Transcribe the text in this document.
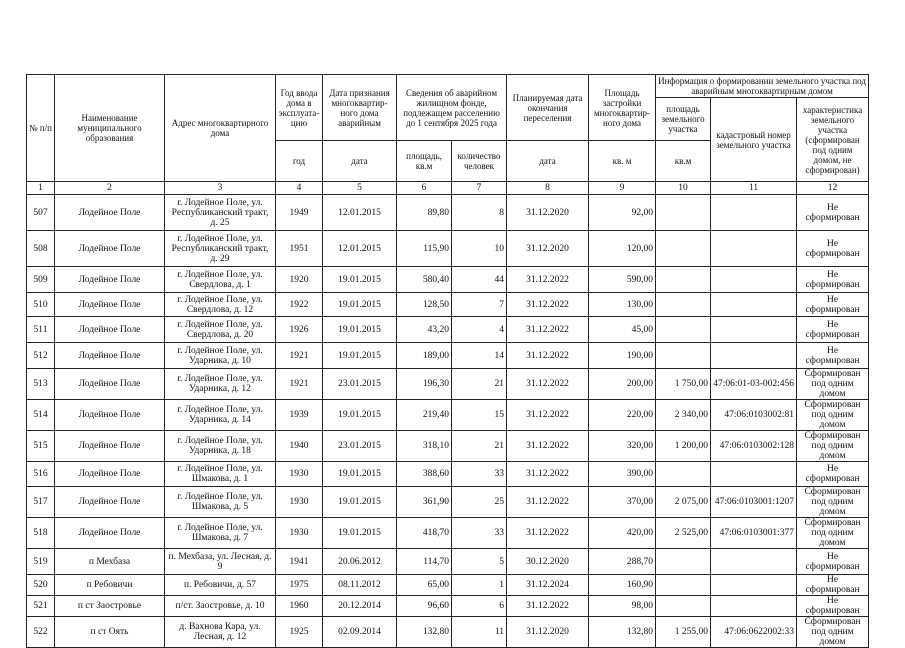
№ п/п	Наименование муниципального образования	Адрес многоквартирного дома	Год ввода дома в эксплуата- цию	Дата признания многоквартир- ного дома аварийным	Сведения об аварийном жилищном фонде, подлежащем расселению до 1 сентября 2025 года		Планируемая дата окончания переселения	Площадь застройки многоквартир- ного дома	Информация о формировании земельного участка под аварийным многоквартирным домом		
									площадь земельного участка	кадастровый номер земельного участка	характеристика земельного участка (сформирован под одним домом, не сформирован)
			год	дата	площадь, кв.м	количество человек	дата	кв. м	кв.м		
1	2	3	4	5	6	7	8	9	10	11	12
507	Лодейное Поле	г. Лодейное Поле, ул. Республиканский тракт, д. 25	1949	12.01.2015	89,80	8	31.12.2020	92,00			Не сформирован
508	Лодейное Поле	г. Лодейное Поле, ул. Республиканский тракт, д. 29	1951	12.01.2015	115,90	10	31.12.2020	120,00			Не сформирован
509	Лодейное Поле	г. Лодейное Поле, ул. Свердлова, д. 1	1920	19.01.2015	580,40	44	31.12.2022	590,00			Не сформирован
510	Лодейное Поле	г. Лодейное Поле, ул. Свердлова, д. 12	1922	19.01.2015	128,50	7	31.12.2022	130,00			Не сформирован
511	Лодейное Поле	г. Лодейное Поле, ул. Свердлова, д. 20	1926	19.01.2015	43,20	4	31.12.2022	45,00			Не сформирован
512	Лодейное Поле	г. Лодейное Поле, ул. Ударника, д. 10	1921	19.01.2015	189,00	14	31.12.2022	190,00			Не сформирован
513	Лодейное Поле	г. Лодейное Поле, ул. Ударника, д. 12	1921	23.01.2015	196,30	21	31.12.2022	200,00	1 750,00	47:06:01-03-002:456	Сформирован под одним домом
514	Лодейное Поле	г. Лодейное Поле, ул. Ударника, д. 14	1939	19.01.2015	219,40	15	31.12.2022	220,00	2 340,00	47:06:0103002:81	Сформирован под одним домом
515	Лодейное Поле	г. Лодейное Поле, ул. Ударника, д. 18	1940	23.01.2015	318,10	21	31.12.2022	320,00	1 200,00	47:06:0103002:128	Сформирован под одним домом
516	Лодейное Поле	г. Лодейное Поле, ул. Шмакова, д. 1	1930	19.01.2015	388,60	33	31.12.2022	390,00			Не сформирован
517	Лодейное Поле	г. Лодейное Поле, ул. Шмакова, д. 5	1930	19.01.2015	361,90	25	31.12.2022	370,00	2 075,00	47:06:0103001:1207	Сформирован под одним домом
518	Лодейное Поле	г. Лодейное Поле, ул. Шмакова, д. 7	1930	19.01.2015	418,70	33	31.12.2022	420,00	2 525,00	47:06:0103001:377	Сформирован под одним домом
519	п Мехбаза	п. Мехбаза, ул. Лесная, д. 9	1941	20.06.2012	114,70	5	30.12.2020	288,70			Не сформирован
520	п Ребовичи	п. Ребовичи, д. 57	1975	08.11.2012	65,00	1	31.12.2024	160,90			Не сформирован
521	п ст Заостровье	п/ст. Заостровье, д. 10	1960	20.12.2014	96,60	6	31.12.2022	98,00			Не сформирован
522	п ст Оять	д. Вахнова Кара, ул. Лесная, д. 12	1925	02.09.2014	132,80	11	31.12.2020	132,80	1 255,00	47:06:0622002:33	Сформирован под одним домом
